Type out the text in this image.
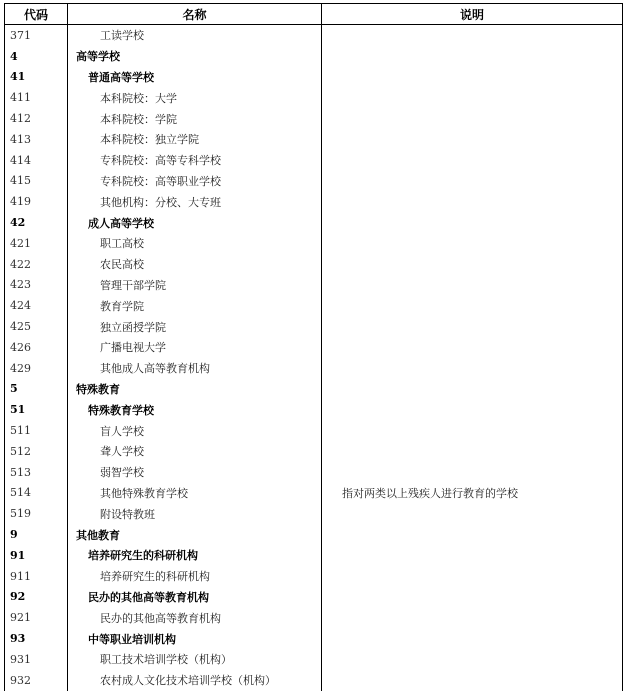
代码	名称	说明
371	工读学校	
4	高等学校	
41	普通高等学校	
411	本科院校：大学	
412	本科院校：学院	
413	本科院校：独立学院	
414	专科院校：高等专科学校	
415	专科院校：高等职业学校	
419	其他机构：分校、大专班	
42	成人高等学校	
421	职工高校	
422	农民高校	
423	管理干部学院	
424	教育学院	
425	独立函授学院	
426	广播电视大学	
429	其他成人高等教育机构	
5	特殊教育	
51	特殊教育学校	
511	盲人学校	
512	聋人学校	
513	弱智学校	
514	其他特殊教育学校	指对两类以上残疾人进行教育的学校
519	附设特教班	
9	其他教育	
91	培养研究生的科研机构	
911	培养研究生的科研机构	
92	民办的其他高等教育机构	
921	民办的其他高等教育机构	
93	中等职业培训机构	
931	职工技术培训学校（机构）	
932	农村成人文化技术培训学校（机构）	
